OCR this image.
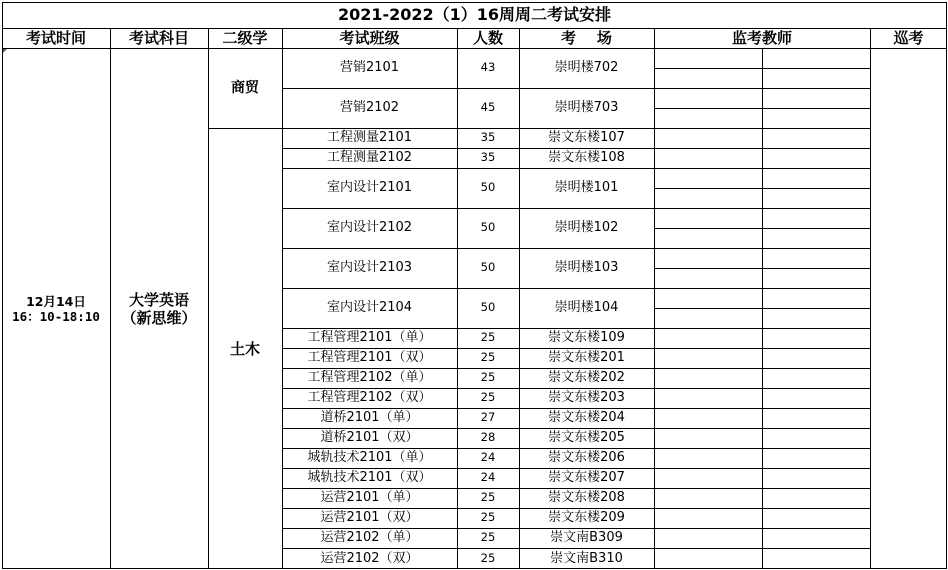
2021-2022（1）16周周二考试安排
考试时间	考试科目	二级学	考试班级	人数	考    场	监考教师	巡考
12月14日
16：10-18:10
大学英语
（新思维）
商贸
土木
营销2101	43	崇明楼702
营销2102	45	崇明楼703
工程测量2101	35	崇文东楼107
工程测量2102	35	崇文东楼108
室内设计2101	50	崇明楼101
室内设计2102	50	崇明楼102
室内设计2103	50	崇明楼103
室内设计2104	50	崇明楼104
工程管理2101（单）	25	崇文东楼109
工程管理2101（双）	25	崇文东楼201
工程管理2102（单）	25	崇文东楼202
工程管理2102（双）	25	崇文东楼203
道桥2101（单）	27	崇文东楼204
道桥2101（双）	28	崇文东楼205
城轨技术2101（单）	24	崇文东楼206
城轨技术2101（双）	24	崇文东楼207
运营2101（单）	25	崇文东楼208
运营2101（双）	25	崇文东楼209
运营2102（单）	25	崇文南B309
运营2102（双）	25	崇文南B310
